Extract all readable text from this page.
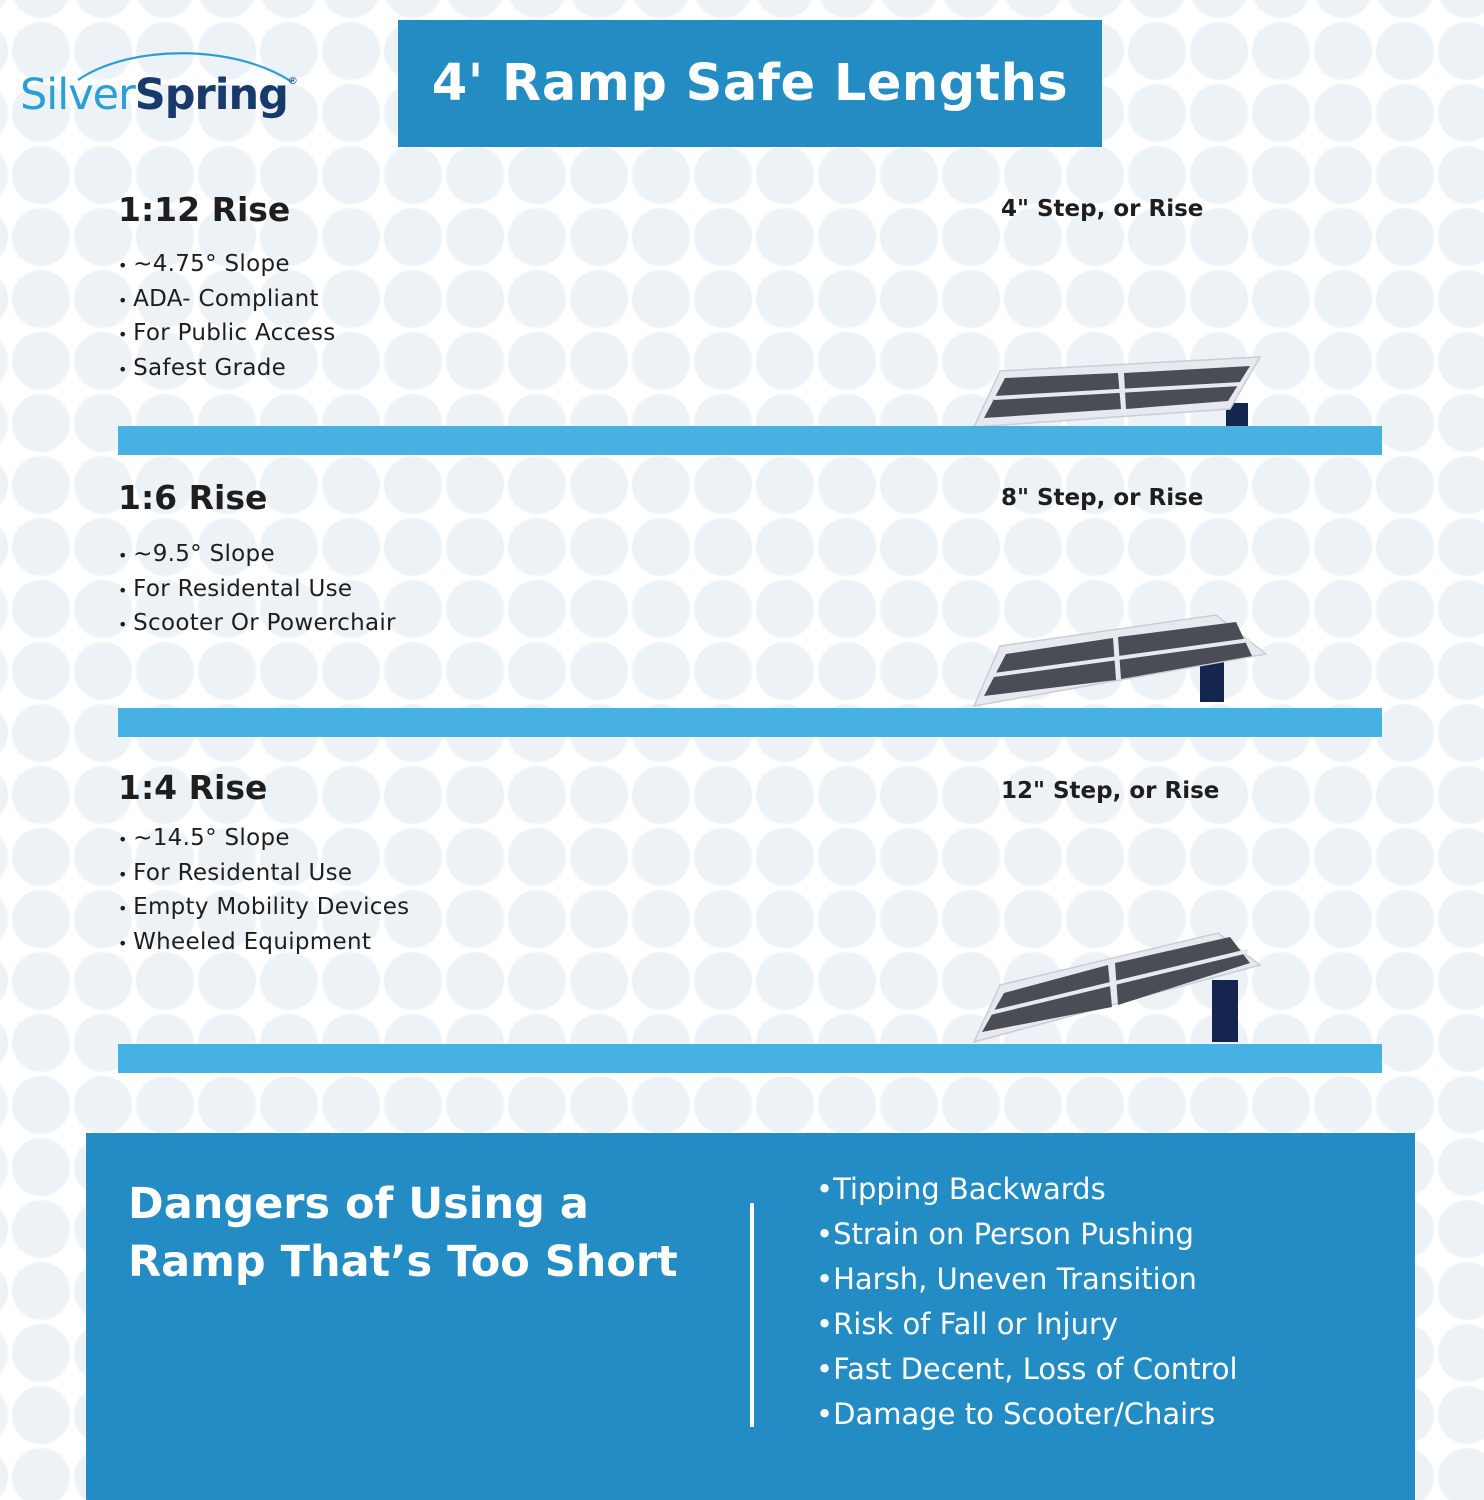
SilverSpring®	4' Ramp Safe Lengths
1:12 Rise
• ~4.75° Slope
• ADA- Compliant
• For Public Access
• Safest Grade
4" Step, or Rise
1:6 Rise
• ~9.5° Slope
• For Residental Use
• Scooter Or Powerchair
8" Step, or Rise
1:4 Rise
• ~14.5° Slope
• For Residental Use
• Empty Mobility Devices
• Wheeled Equipment
12" Step, or Rise
Dangers of Using a
Ramp That’s Too Short
• Tipping Backwards
• Strain on Person Pushing
• Harsh, Uneven Transition
• Risk of Fall or Injury
• Fast Decent, Loss of Control
• Damage to Scooter/Chairs
